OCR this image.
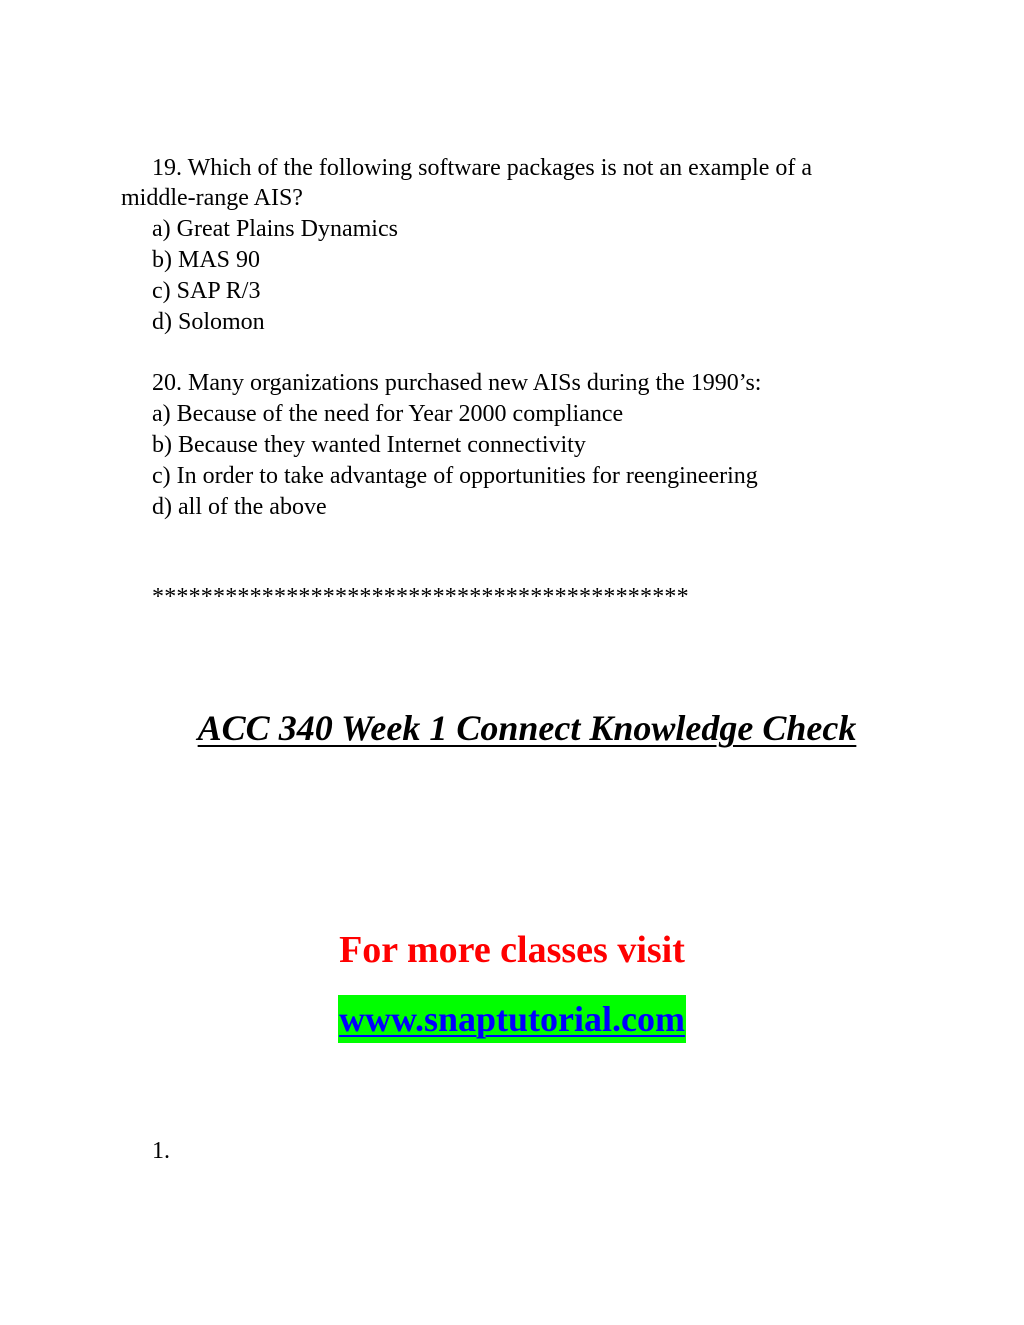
19. Which of the following software packages is not an example of a
middle-range AIS?
a) Great Plains Dynamics
b) MAS 90
c) SAP R/3
d) Solomon
20. Many organizations purchased new AISs during the 1990’s:
a) Because of the need for Year 2000 compliance
b) Because they wanted Internet connectivity
c) In order to take advantage of opportunities for reengineering
d) all of the above
********************************************
ACC 340 Week 1 Connect Knowledge Check
For more classes visit
www.snaptutorial.com
1.
